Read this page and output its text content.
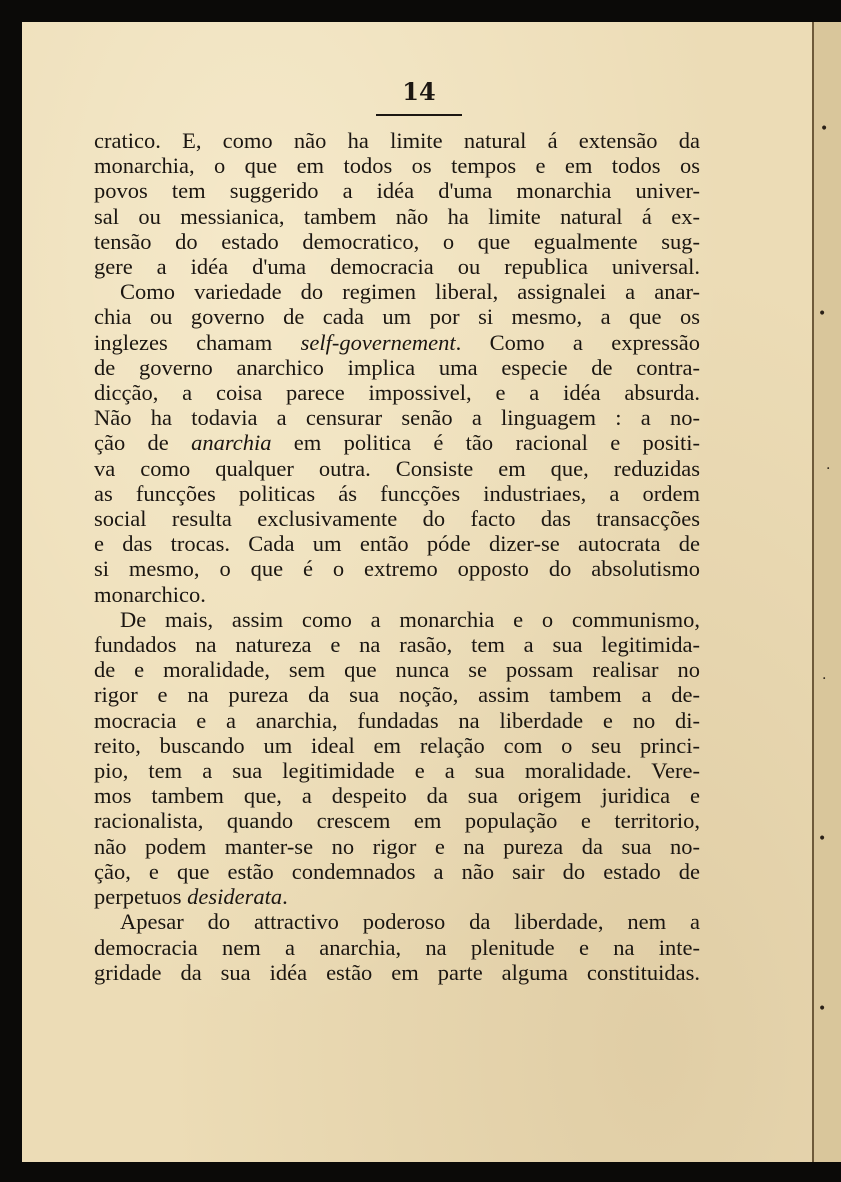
14
cratico. E, como não ha limite natural á extensão da
monarchia, o que em todos os tempos e em todos os
povos tem suggerido a idéa d'uma monarchia univer-
sal ou messianica, tambem não ha limite natural á ex-
tensão do estado democratico, o que egualmente sug-
gere a idéa d'uma democracia ou republica universal.
Como variedade do regimen liberal, assignalei a anar-
chia ou governo de cada um por si mesmo, a que os
inglezes chamam self-governement. Como a expressão
de governo anarchico implica uma especie de contra-
dicção, a coisa parece impossivel, e a idéa absurda.
Não ha todavia a censurar senão a linguagem : a no-
ção de anarchia em politica é tão racional e positi-
va como qualquer outra. Consiste em que, reduzidas
as funcções politicas ás funcções industriaes, a ordem
social resulta exclusivamente do facto das transacções
e das trocas. Cada um então póde dizer-se autocrata de
si mesmo, o que é o extremo opposto do absolutismo
monarchico.
De mais, assim como a monarchia e o communismo,
fundados na natureza e na rasão, tem a sua legitimida-
de e moralidade, sem que nunca se possam realisar no
rigor e na pureza da sua noção, assim tambem a de-
mocracia e a anarchia, fundadas na liberdade e no di-
reito, buscando um ideal em relação com o seu princi-
pio, tem a sua legitimidade e a sua moralidade. Vere-
mos tambem que, a despeito da sua origem juridica e
racionalista, quando crescem em população e territorio,
não podem manter-se no rigor e na pureza da sua no-
ção, e que estão condemnados a não sair do estado de
perpetuos desiderata.
Apesar do attractivo poderoso da liberdade, nem a
democracia nem a anarchia, na plenitude e na inte-
gridade da sua idéa estão em parte alguma constituidas.
•
•
·
·
•
•
